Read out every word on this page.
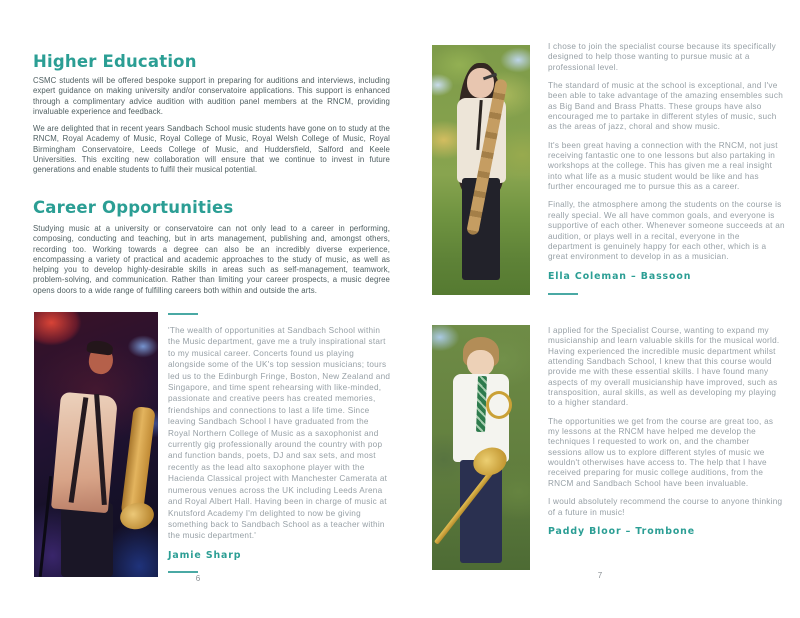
Higher Education

CSMC students will be offered bespoke support in preparing for auditions and interviews, including expert guidance on making university and/or conservatoire applications. This support is enhanced through a complimentary advice audition with audition panel members at the RNCM, providing invaluable experience and feedback.

We are delighted that in recent years Sandbach School music students have gone on to study at the RNCM, Royal Academy of Music, Royal College of Music, Royal Welsh College of Music, Royal Birmingham Conservatoire, Leeds College of Music, and Huddersfield, Salford and Keele Universities. This exciting new collaboration will ensure that we continue to invest in future generations and enable students to fulfil their musical potential.

Career Opportunities

Studying music at a university or conservatoire can not only lead to a career in performing, composing, conducting and teaching, but in arts management, publishing and, amongst others, recording too. Working towards a degree can also be an incredibly diverse experience, encompassing a variety of practical and academic approaches to the study of music, as well as helping you to develop highly-desirable skills in areas such as self-management, teamwork, problem-solving, and communication. Rather than limiting your career prospects, a music degree opens doors to a wide range of fulfilling careers both within and outside the arts.

'The wealth of opportunities at Sandbach School within the Music department, gave me a truly inspirational start to my musical career. Concerts found us playing alongside some of the UK's top session musicians; tours led us to the Edinburgh Fringe, Boston, New Zealand and Singapore, and time spent rehearsing with like-minded, passionate and creative peers has created memories, friendships and connections to last a life time. Since leaving Sandbach School I have graduated from the Royal Northern College of Music as a saxophonist and currently gig professionally around the country with pop and function bands, poets, DJ and sax sets, and most recently as the lead alto saxophone player with the Hacienda Classical project with Manchester Camerata at numerous venues across the UK including Leeds Arena and Royal Albert Hall. Having been in charge of music at Knutsford Academy I'm delighted to now be giving something back to Sandbach School as a teacher within the music department.'

Jamie Sharp
6

I chose to join the specialist course because its specifically designed to help those wanting to pursue music at a professional level.

The standard of music at the school is exceptional, and I've been able to take advantage of the amazing ensembles such as Big Band and Brass Phatts. These groups have also encouraged me to partake in different styles of music, such as the areas of jazz, choral and show music.

It's been great having a connection with the RNCM, not just receiving fantastic one to one lessons but also partaking in workshops at the college. This has given me a real insight into what life as a music student would be like and has further encouraged me to pursue this as a career.

Finally, the atmosphere among the students on the course is really special. We all have common goals, and everyone is supportive of each other. Whenever someone succeeds at an audition, or plays well in a recital, everyone in the department is genuinely happy for each other, which is a great environment to develop in as a musician.

Ella Coleman – Bassoon

I applied for the Specialist Course, wanting to expand my musicianship and learn valuable skills for the musical world. Having experienced the incredible music department whilst attending Sandbach School, I knew that this course would provide me with these essential skills. I have found many aspects of my overall musicianship have improved, such as transposition, aural skills, as well as developing my playing to a higher standard.

The opportunities we get from the course are great too, as my lessons at the RNCM have helped me develop the techniques I requested to work on, and the chamber sessions allow us to explore different styles of music we wouldn't otherwises have access to. The help that I have received preparing for music college auditions, from the RNCM and Sandbach School have been invaluable.

I would absolutely recommend the course to anyone thinking of a future in music!

Paddy Bloor – Trombone
7
